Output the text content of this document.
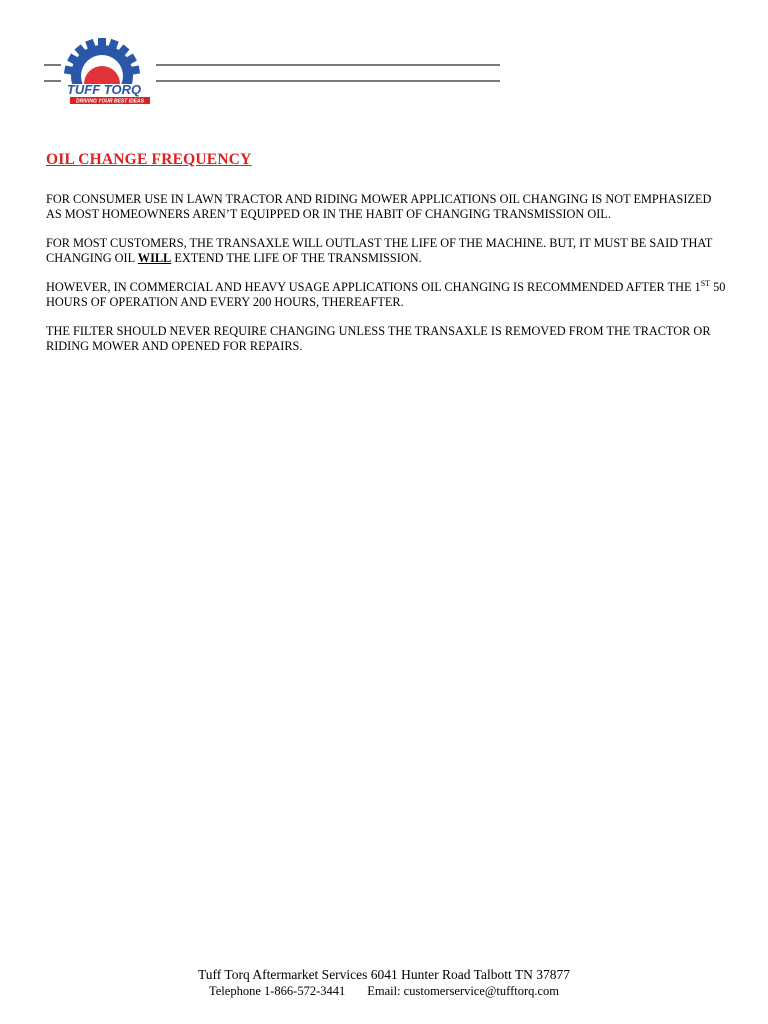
TUFF TORQ
DRIVING YOUR BEST IDEAS
OIL CHANGE FREQUENCY

FOR CONSUMER USE IN LAWN TRACTOR AND RIDING MOWER APPLICATIONS OIL CHANGING IS NOT EMPHASIZED AS MOST HOMEOWNERS AREN’T EQUIPPED OR IN THE HABIT OF CHANGING TRANSMISSION OIL.

FOR MOST CUSTOMERS, THE TRANSAXLE WILL OUTLAST THE LIFE OF THE MACHINE. BUT, IT MUST BE SAID THAT CHANGING OIL WILL EXTEND THE LIFE OF THE TRANSMISSION.

HOWEVER, IN COMMERCIAL AND HEAVY USAGE APPLICATIONS OIL CHANGING IS RECOMMENDED AFTER THE 1ST 50 HOURS OF OPERATION AND EVERY 200 HOURS, THEREAFTER.

THE FILTER SHOULD NEVER REQUIRE CHANGING UNLESS THE TRANSAXLE IS REMOVED FROM THE TRACTOR OR RIDING MOWER AND OPENED FOR REPAIRS.

Tuff Torq Aftermarket Services 6041 Hunter Road Talbott TN 37877
Telephone 1-866-572-3441 Email: customerservice@tufftorq.com
